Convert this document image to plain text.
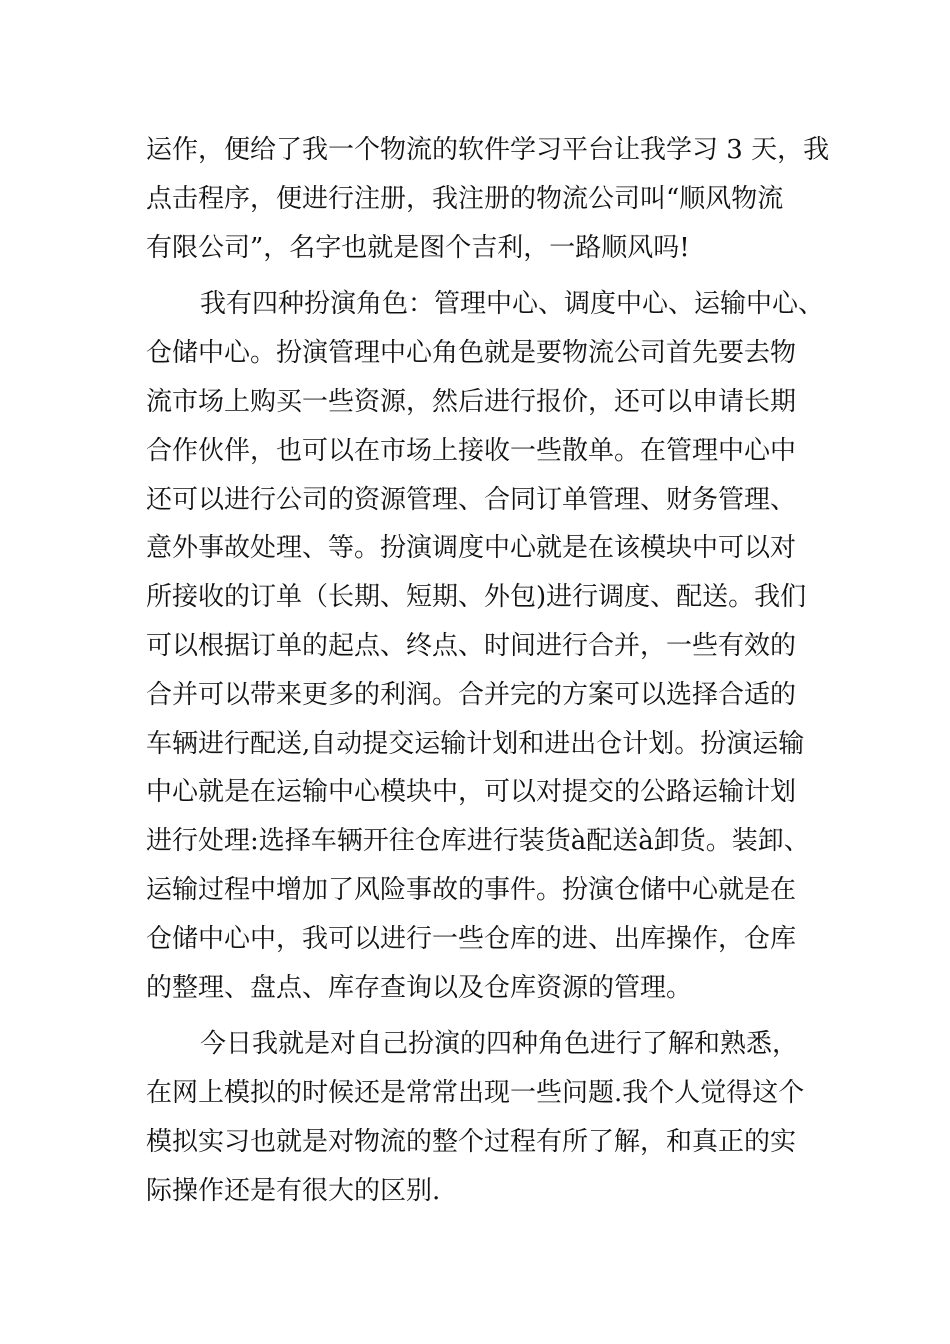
运作，便给了我一个物流的软件学习平台让我学习 3 天，我
点击程序，便进行注册，我注册的物流公司叫“顺风物流
有限公司”，名字也就是图个吉利，一路顺风吗!
我有四种扮演角色：管理中心、调度中心、运输中心、
仓储中心。扮演管理中心角色就是要物流公司首先要去物
流市场上购买一些资源，然后进行报价，还可以申请长期
合作伙伴，也可以在市场上接收一些散单。在管理中心中
还可以进行公司的资源管理、合同订单管理、财务管理、
意外事故处理、等。扮演调度中心就是在该模块中可以对
所接收的订单（长期、短期、外包)进行调度、配送。我们
可以根据订单的起点、终点、时间进行合并，一些有效的
合并可以带来更多的利润。合并完的方案可以选择合适的
车辆进行配送,自动提交运输计划和进出仓计划。扮演运输
中心就是在运输中心模块中，可以对提交的公路运输计划
进行处理:选择车辆开往仓库进行装货à配送à卸货。装卸、
运输过程中增加了风险事故的事件。扮演仓储中心就是在
仓储中心中，我可以进行一些仓库的进、出库操作，仓库
的整理、盘点、库存查询以及仓库资源的管理。
今日我就是对自己扮演的四种角色进行了解和熟悉，
在网上模拟的时候还是常常出现一些问题.我个人觉得这个
模拟实习也就是对物流的整个过程有所了解，和真正的实
际操作还是有很大的区别.
